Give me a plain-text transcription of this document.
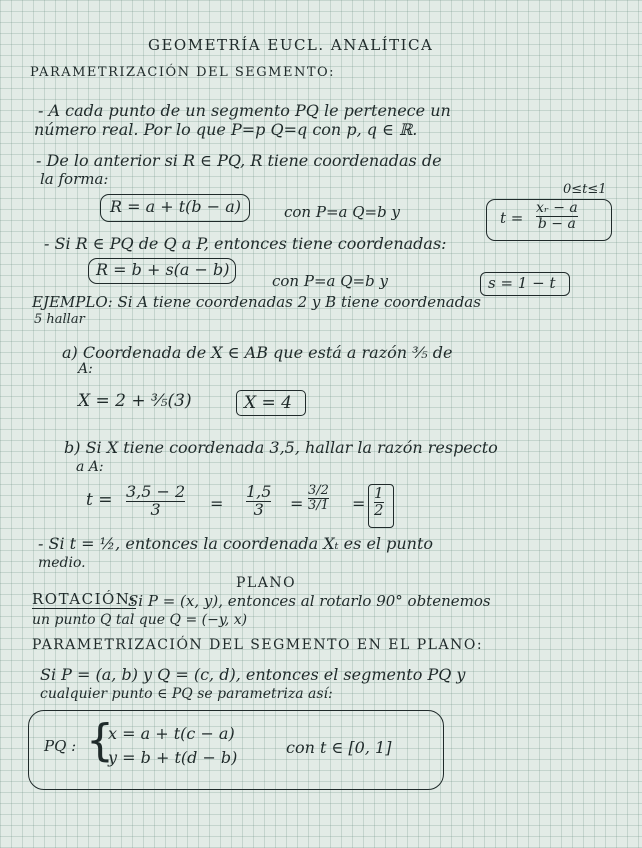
GEOMETRÍA EUCL. ANALÍTICA
PARAMETRIZACIÓN DEL SEGMENTO:
- A cada punto de un segmento PQ le pertenece un
número real. Por lo que P=p Q=q con p, q ∈ ℝ.
- De lo anterior si R ∈ PQ, R tiene coordenadas de
la forma:
0≤t≤1
R = a + t(b − a)	con P=a Q=b y	t =
xᵣ − a
b − a
- Si R ∈ PQ de Q a P, entonces tiene coordenadas:
R = b + s(a − b)
con P=a Q=b y	s = 1 − t
EJEMPLO: Si A tiene coordenadas 2 y B tiene coordenadas
5 hallar
a) Coordenada de X ∈ AB que está a razón ⅗ de
A:
X = 2 + ⅗(3)	X = 4
b) Si X tiene coordenada 3,5, hallar la razón respecto
a A:
t = 3,5 − 2
3	=
1,5
3 =
3/2
3/1 =
1
2
- Si t = ½, entonces la coordenada Xₜ es el punto
medio.
PLANO
ROTACIÓN:
Si P = (x, y), entonces al rotarlo 90° obtenemos
un punto Q tal que Q = (−y, x)
PARAMETRIZACIÓN DEL SEGMENTO EN EL PLANO:
Si P = (a, b) y Q = (c, d), entonces el segmento PQ y
cualquier punto ∈ PQ se parametriza así:
PQ : {
x = a + t(c − a)
y = b + t(d − b)
con t ∈ [0, 1]
